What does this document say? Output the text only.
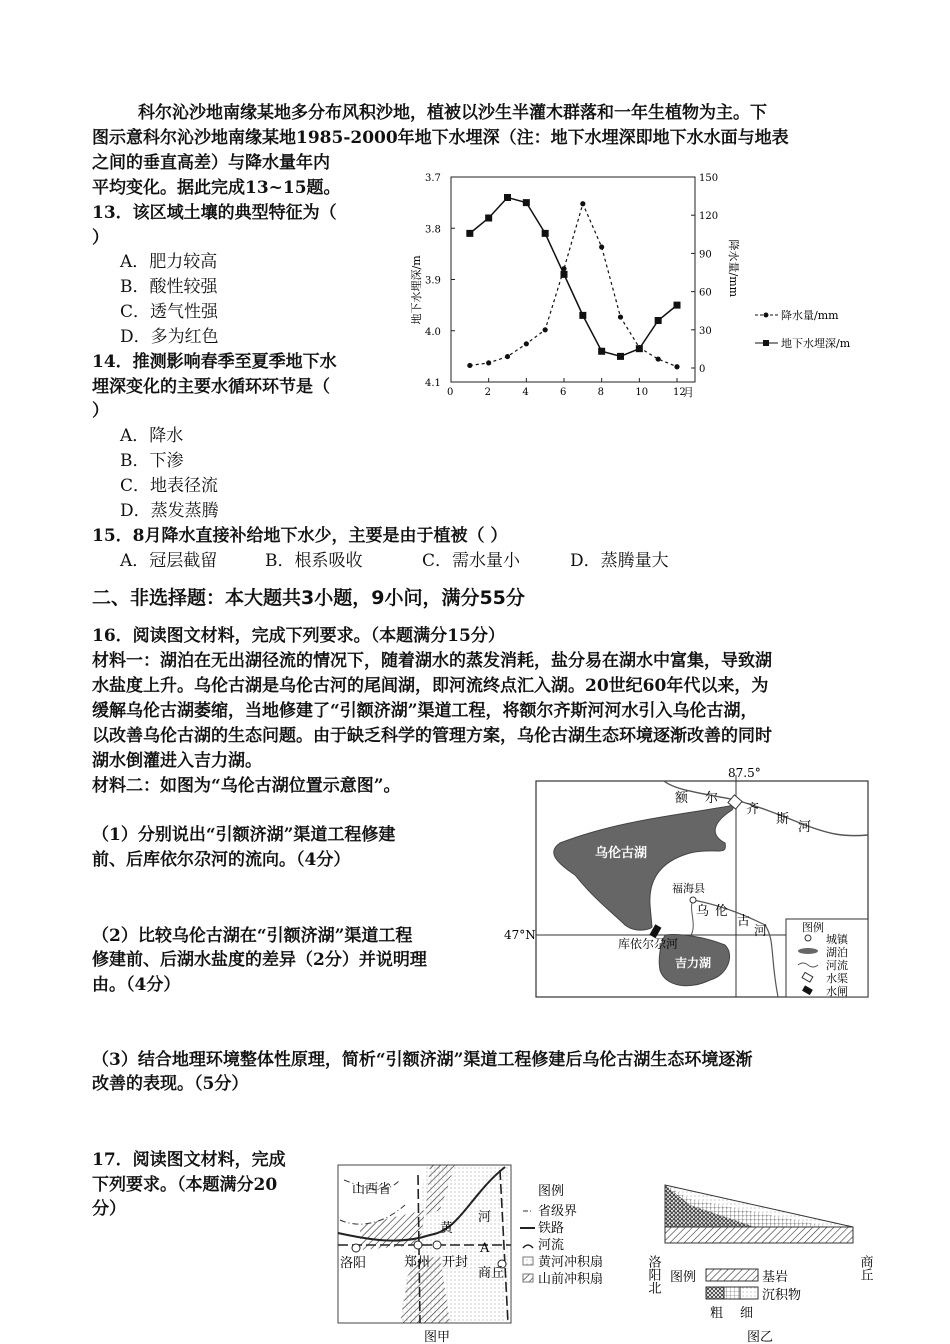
科尔沁沙地南缘某地多分布风积沙地，植被以沙生半灌木群落和一年生植物为主。下
图示意科尔沁沙地南缘某地1985-2000年地下水埋深（注：地下水埋深即地下水水面与地表
之间的垂直高差）与降水量年内
平均变化。据此完成13~15题。
13．该区域土壤的典型特征为（
）
A．肥力较高
B．酸性较强
C．透气性强
D．多为红色
14．推测影响春季至夏季地下水
埋深变化的主要水循环环节是（
）
A．降水
B．下渗
C．地表径流
D．蒸发蒸腾
15．8月降水直接补给地下水少，主要是由于植被（ ）
A．冠层截留	B．根系吸收	C．需水量小	D．蒸腾量大
二、非选择题：本大题共3小题，9小问，满分55分
16．阅读图文材料，完成下列要求。（本题满分15分）
材料一：湖泊在无出湖径流的情况下，随着湖水的蒸发消耗，盐分易在湖水中富集，导致湖
水盐度上升。乌伦古湖是乌伦古河的尾闾湖，即河流终点汇入湖。20世纪60年代以来，为
缓解乌伦古湖萎缩，当地修建了“引额济湖”渠道工程，将额尔齐斯河河水引入乌伦古湖，
以改善乌伦古湖的生态问题。由于缺乏科学的管理方案，乌伦古湖生态环境逐渐改善的同时
湖水倒灌进入吉力湖。
材料二：如图为“乌伦古湖位置示意图”。
（1）分别说出“引额济湖”渠道工程修建
前、后库依尔尕河的流向。（4分）
（2）比较乌伦古湖在“引额济湖”渠道工程
修建前、后湖水盐度的差异（2分）并说明理
由。（4分）
（3）结合地理环境整体性原理，简析“引额济湖”渠道工程修建后乌伦古湖生态环境逐渐
改善的表现。（5分）
17．阅读图文材料，完成
下列要求。（本题满分20
分）
3.7
3.8
3.9
4.0
4.1
0
30
60
90
120
150
0	2	4	6	8	10 12
月
地下水埋深/m	降水量/mm
降水量/mm
地下水埋深/m
87.5°
47°N
额 尔
齐
斯
河
乌伦古湖
福海县
乌 伦
古
河
库依尔尕河
吉力湖
图例
城镇
湖泊
河流
水渠
水闸
山西省
黄
河
A
洛阳	郑州 开封
商丘
图甲
图例
省级界
铁路
河流
黄河冲积扇
山前冲积扇	洛阳北	商丘
图例	基岩
沉积物
粗 细
图乙
